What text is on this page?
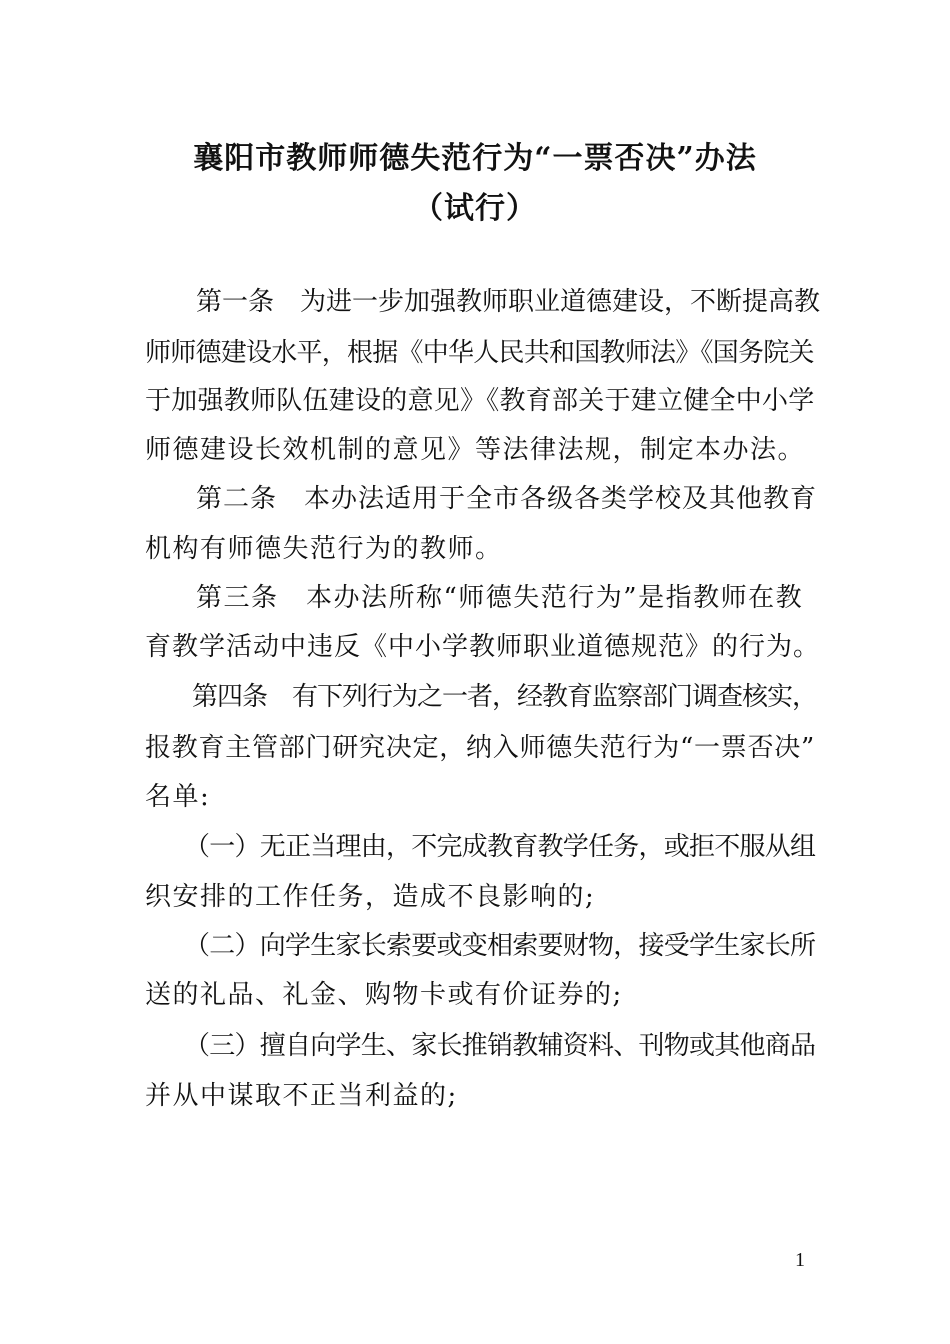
襄阳市教师师德失范行为“一票否决”办法
（试行）
第一条　为进一步加强教师职业道德建设，不断提高教
师师德建设水平，根据《中华人民共和国教师法》《国务院关
于加强教师队伍建设的意见》《教育部关于建立健全中小学
师德建设长效机制的意见》等法律法规，制定本办法。
第二条　本办法适用于全市各级各类学校及其他教育
机构有师德失范行为的教师。
第三条　本办法所称“师德失范行为”是指教师在教
育教学活动中违反《中小学教师职业道德规范》的行为。
第四条　有下列行为之一者，经教育监察部门调查核实，
报教育主管部门研究决定，纳入师德失范行为“一票否决”
名单:
（一）无正当理由，不完成教育教学任务，或拒不服从组
织安排的工作任务，造成不良影响的;
（二）向学生家长索要或变相索要财物，接受学生家长所
送的礼品、礼金、购物卡或有价证券的;
（三）擅自向学生、家长推销教辅资料、刊物或其他商品
并从中谋取不正当利益的;
1
